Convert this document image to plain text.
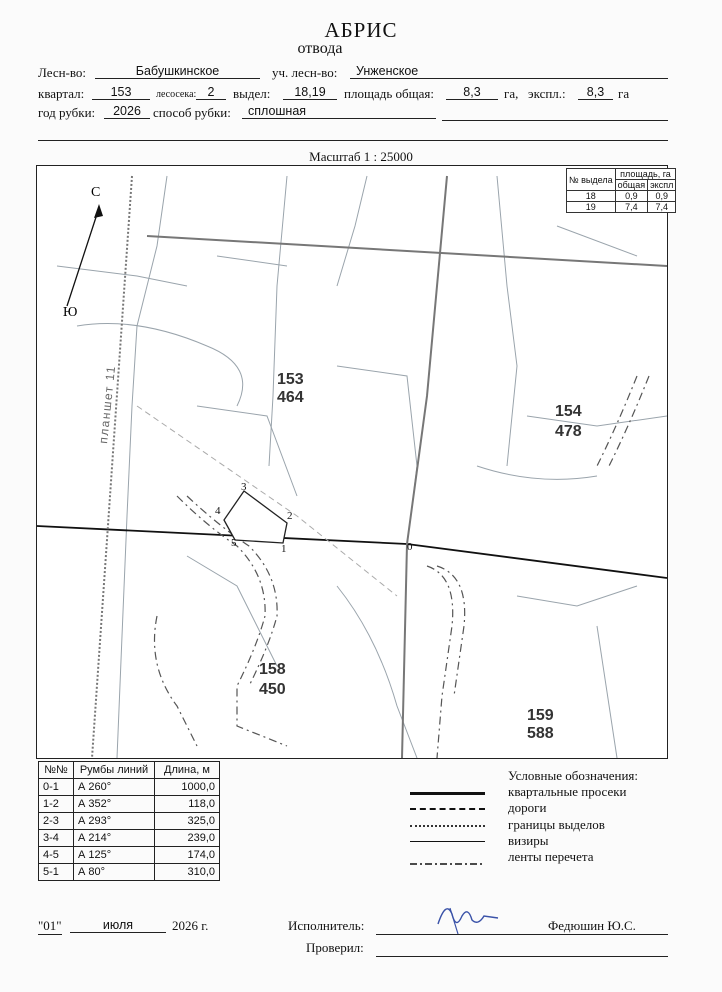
АБРИС
отвода
Лесн-во:	Бабушкинское	уч. лесн-во:	Унженское
квартал:	153	лесосека: 2	выдел:	18,19	площадь общая:	8,3	га, экспл.:	8,3	га
год рубки:	2026 способ рубки:	сплошная
Масштаб 1 : 25000
0
1
2
3
4
5
153
464
154
478
158
450
159
588
С
Ю
планшет 11
№ выдела	площадь, га	
	общая	экспл
18	0,9	0,9
19	7,4	7,4
№№	Румбы линий	Длина, м
0-1	А 260°	1000,0
1-2	А 352°	118,0
2-3	А 293°	325,0
3-4	А 214°	239,0
4-5	А 125°	174,0
5-1	А 80°	310,0
Условные обозначения:
квартальные просеки
дороги
границы выделов
визиры
ленты перечета
"01"	июля	2026 г.	Исполнитель:	Федюшин Ю.С.
Проверил:
